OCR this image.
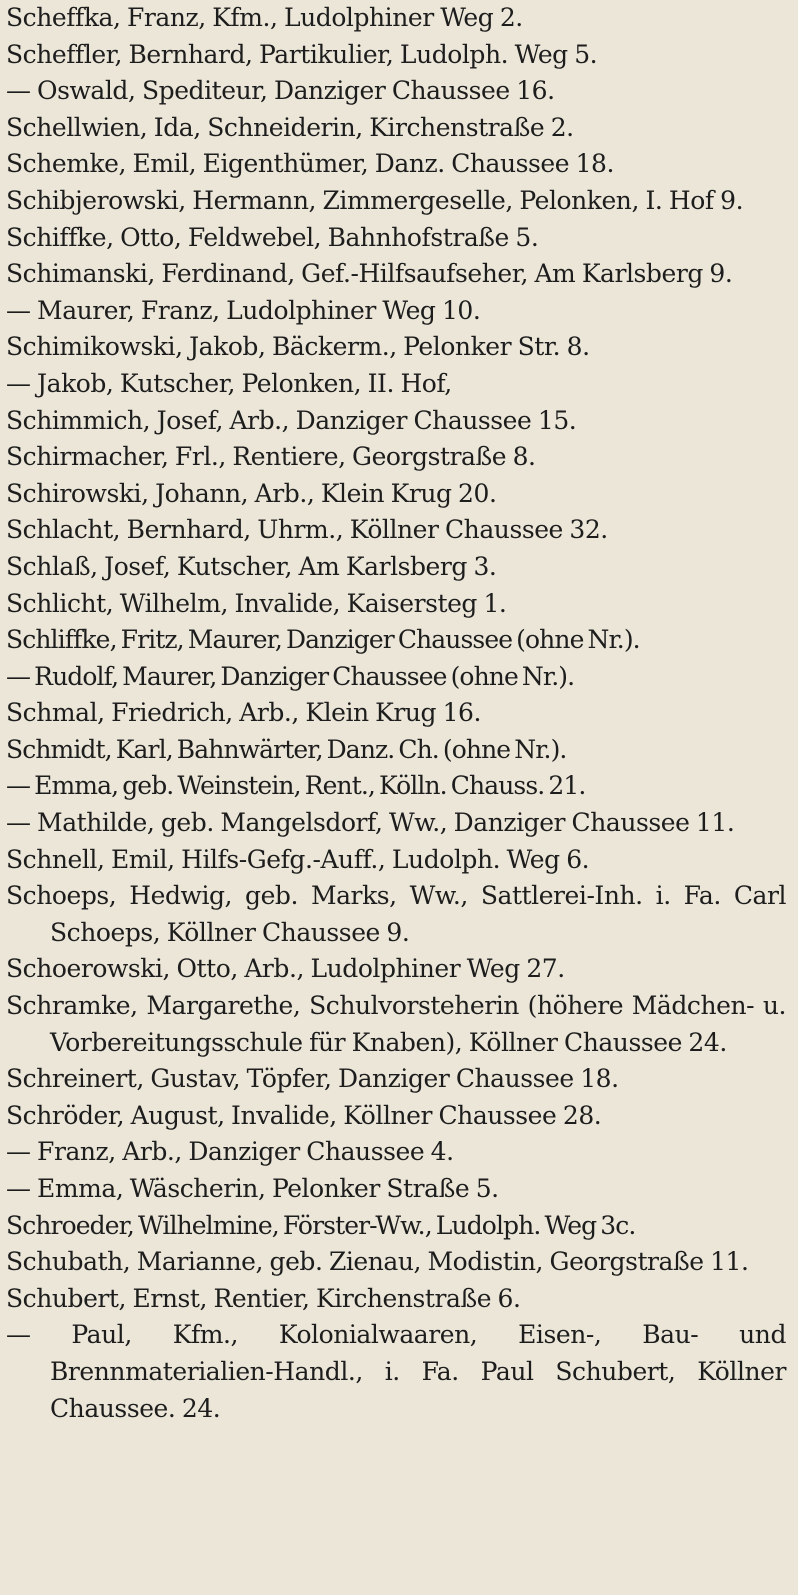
Scheffka, Franz, Kfm., Ludolphiner Weg 2.
Scheffler, Bernhard, Partikulier, Ludolph. Weg 5.
— Oswald, Spediteur, Danziger Chaussee 16.
Schellwien, Ida, Schneiderin, Kirchenstraße 2.
Schemke, Emil, Eigenthümer, Danz. Chaussee 18.
Schibjerowski, Hermann, Zimmergeselle, Pelonken, I. Hof 9.
Schiffke, Otto, Feldwebel, Bahnhofstraße 5.
Schimanski, Ferdinand, Gef.-Hilfsaufseher, Am Karlsberg 9.
— Maurer, Franz, Ludolphiner Weg 10.
Schimikowski, Jakob, Bäckerm., Pelonker Str. 8.
— Jakob, Kutscher, Pelonken, II. Hof,
Schimmich, Josef, Arb., Danziger Chaussee 15.
Schirmacher, Frl., Rentiere, Georgstraße 8.
Schirowski, Johann, Arb., Klein Krug 20.
Schlacht, Bernhard, Uhrm., Köllner Chaussee 32.
Schlaß, Josef, Kutscher, Am Karlsberg 3.
Schlicht, Wilhelm, Invalide, Kaisersteg 1.
Schliffke, Fritz, Maurer, Danziger Chaussee (ohne Nr.).
— Rudolf, Maurer, Danziger Chaussee (ohne Nr.).
Schmal, Friedrich, Arb., Klein Krug 16.
Schmidt, Karl, Bahnwärter, Danz. Ch. (ohne Nr.).
— Emma, geb. Weinstein, Rent., Kölln. Chauss. 21.
— Mathilde, geb. Mangelsdorf, Ww., Danziger Chaussee 11.
Schnell, Emil, Hilfs-Gefg.-Auff., Ludolph. Weg 6.
Schoeps, Hedwig, geb. Marks, Ww., Sattlerei-Inh. i. Fa. Carl Schoeps, Köllner Chaussee 9.
Schoerowski, Otto, Arb., Ludolphiner Weg 27.
Schramke, Margarethe, Schulvorsteherin (höhere Mädchen- u. Vorbereitungsschule für Knaben), Köllner Chaussee 24.
Schreinert, Gustav, Töpfer, Danziger Chaussee 18.
Schröder, August, Invalide, Köllner Chaussee 28.
— Franz, Arb., Danziger Chaussee 4.
— Emma, Wäscherin, Pelonker Straße 5.
Schroeder, Wilhelmine, Förster-Ww., Ludolph. Weg 3c.
Schubath, Marianne, geb. Zienau, Modistin, Georgstraße 11.
Schubert, Ernst, Rentier, Kirchenstraße 6.
— Paul, Kfm., Kolonialwaaren, Eisen-, Bau- und Brennmaterialien-Handl., i. Fa. Paul Schubert, Köllner Chaussee. 24.
